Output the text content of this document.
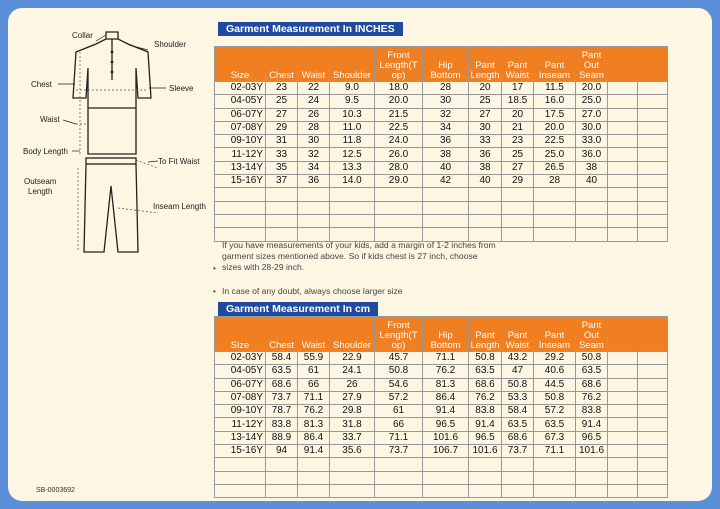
Collar
Shoulder
Chest	Sleeve
Waist
Body Length
To Fit Waist
Outseam Length
Inseam Length
Garment Measurement In INCHES
Size	Chest	Waist	Shoulder	Front Length(T op)	Hip Bottom	Pant Length	Pant Waist	Pant Inseam	Pant Out Seam		
02-03Y	23	22	9.0	18.0	28	20	17	11.5	20.0		
04-05Y	25	24	9.5	20.0	30	25	18.5	16.0	25.0		
06-07Y	27	26	10.3	21.5	32	27	20	17.5	27.0		
07-08Y	29	28	11.0	22.5	34	30	21	20.0	30.0		
09-10Y	31	30	11.8	24.0	36	33	23	22.5	33.0		
11-12Y	33	32	12.5	26.0	38	36	25	25.0	36.0		
13-14Y	35	34	13.3	28.0	40	38	27	26.5	38		
15-16Y	37	36	14.0	29.0	42	40	29	28	40		

If you have measurements of your kids, add a margin of 1-2 inches from garment sizes mentioned above. So if kids chest is 27 inch, choose sizes with 28-29 inch.
•
In case of any doubt, always choose larger size
•
Garment Measurement In cm
Size	Chest	Waist	Shoulder	Front Length(T op)	Hip Bottom	Pant Length	Pant Waist	Pant Inseam	Pant Out Seam		
02-03Y	58.4	55.9	22.9	45.7	71.1	50.8	43.2	29.2	50.8		
04-05Y	63.5	61	24.1	50.8	76.2	63.5	47	40.6	63.5		
06-07Y	68.6	66	26	54.6	81.3	68.6	50.8	44.5	68.6		
07-08Y	73.7	71.1	27.9	57.2	86.4	76.2	53.3	50.8	76.2		
09-10Y	78.7	76.2	29.8	61	91.4	83.8	58.4	57.2	83.8		
11-12Y	83.8	81.3	31.8	66	96.5	91.4	63.5	63.5	91.4		
13-14Y	88.9	86.4	33.7	71.1	101.6	96.5	68.6	67.3	96.5		
15-16Y	94	91.4	35.6	73.7	106.7	101.6	73.7	71.1	101.6		

SB-0003692
